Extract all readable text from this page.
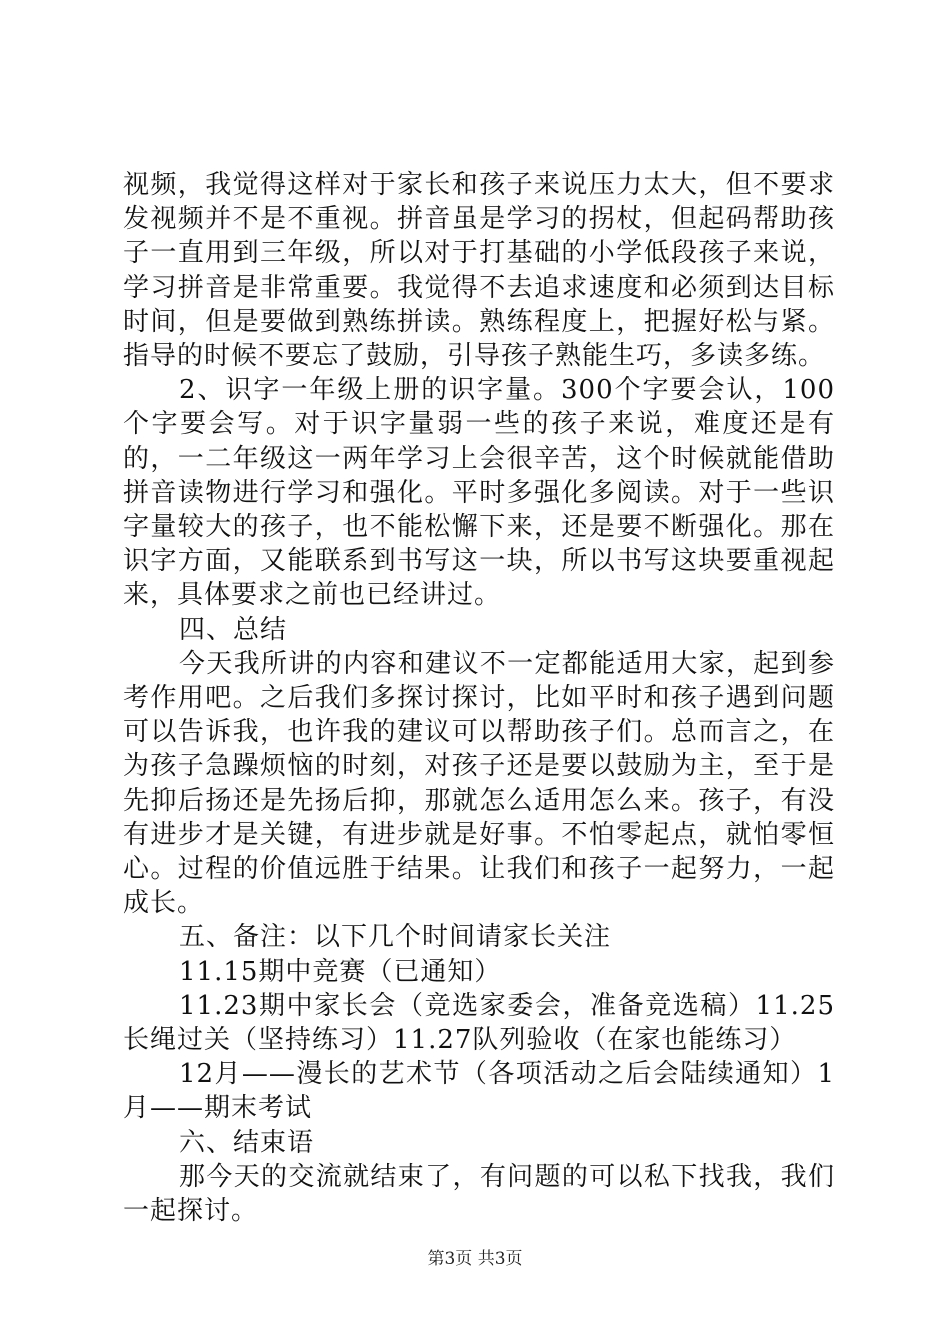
视频，我觉得这样对于家长和孩子来说压力太大，但不要求发视频并不是不重视。拼音虽是学习的拐杖，但起码帮助孩子一直用到三年级，所以对于打基础的小学低段孩子来说，学习拼音是非常重要。我觉得不去追求速度和必须到达目标时间，但是要做到熟练拼读。熟练程度上，把握好松与紧。指导的时候不要忘了鼓励，引导孩子熟能生巧，多读多练。

2、识字一年级上册的识字量。300个字要会认，100个字要会写。对于识字量弱一些的孩子来说，难度还是有的，一二年级这一两年学习上会很辛苦，这个时候就能借助拼音读物进行学习和强化。平时多强化多阅读。对于一些识字量较大的孩子，也不能松懈下来，还是要不断强化。那在识字方面，又能联系到书写这一块，所以书写这块要重视起来，具体要求之前也已经讲过。

四、总结

今天我所讲的内容和建议不一定都能适用大家，起到参考作用吧。之后我们多探讨探讨，比如平时和孩子遇到问题可以告诉我，也许我的建议可以帮助孩子们。总而言之，在为孩子急躁烦恼的时刻，对孩子还是要以鼓励为主，至于是先抑后扬还是先扬后抑，那就怎么适用怎么来。孩子，有没有进步才是关键，有进步就是好事。不怕零起点，就怕零恒心。过程的价值远胜于结果。让我们和孩子一起努力，一起成长。

五、备注：以下几个时间请家长关注

11.15期中竞赛（已通知）

11.23期中家长会（竞选家委会，准备竞选稿）11.25长绳过关（坚持练习）11.27队列验收（在家也能练习）

12月——漫长的艺术节（各项活动之后会陆续通知）1月——期末考试

六、结束语

那今天的交流就结束了，有问题的可以私下找我，我们一起探讨。

第3页 共3页
